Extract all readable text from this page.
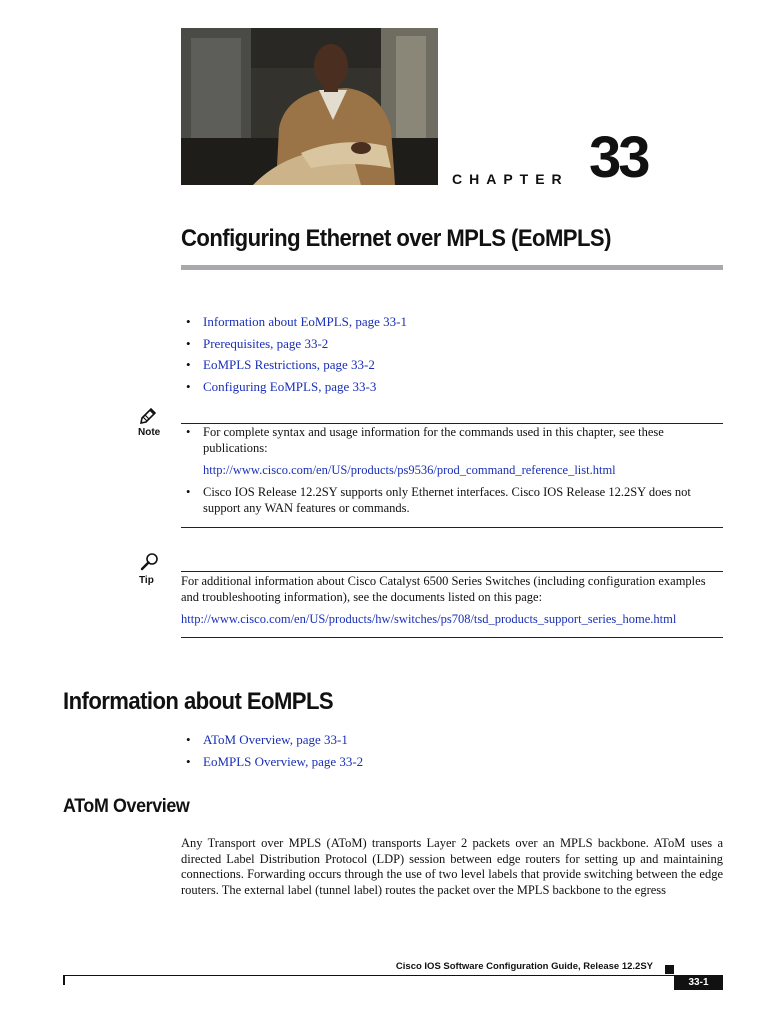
CHAPTER 33
Configuring Ethernet over MPLS (EoMPLS)
• Information about EoMPLS, page 33-1
• Prerequisites, page 33-2
• EoMPLS Restrictions, page 33-2
• Configuring EoMPLS, page 33-3
Note
•	For complete syntax and usage information for the commands used in this chapter, see these publications:
http://www.cisco.com/en/US/products/ps9536/prod_command_reference_list.html
• Cisco IOS Release 12.2SY supports only Ethernet interfaces. Cisco IOS Release 12.2SY does not support any WAN features or commands.
Tip For additional information about Cisco Catalyst 6500 Series Switches (including configuration examples and troubleshooting information), see the documents listed on this page:
http://www.cisco.com/en/US/products/hw/switches/ps708/tsd_products_support_series_home.html
Information about EoMPLS
• AToM Overview, page 33-1
• EoMPLS Overview, page 33-2
AToM Overview
Any Transport over MPLS (AToM) transports Layer 2 packets over an MPLS backbone. AToM uses a directed Label Distribution Protocol (LDP) session between edge routers for setting up and maintaining connections. Forwarding occurs through the use of two level labels that provide switching between the edge routers. The external label (tunnel label) routes the packet over the MPLS backbone to the egress
Cisco IOS Software Configuration Guide, Release 12.2SY
33-1
